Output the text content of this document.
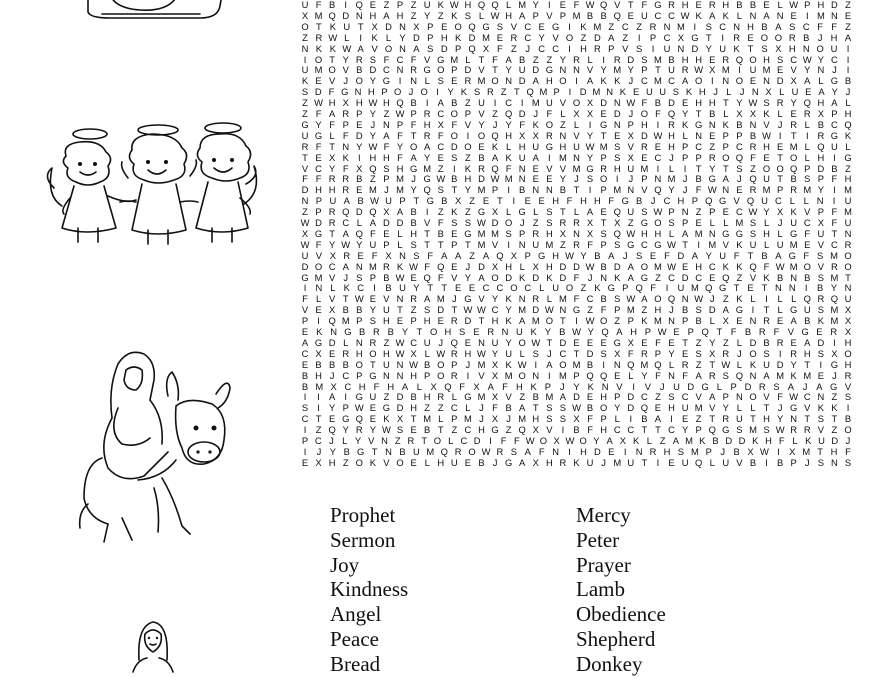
U F B I Q E Z P Z U K W H Q Q L M Y I E F W Q V T F G R H E R H B B E L W P H D Z
X M Q D N H A H Z Y Z K S L W H A P V P M B B Q E U C C W K A K L N A N E I M N E
O T K U T X D N X P E O Q G S V C E G I	K M Z C Z R N M I	S C N H B A S C F F Z
Z R W L	I	K L Y D P H K D M E R C Y V O Z D A Z	I	P C X G T	I R E O O R B J H A
N K K W A V O N A S D P Q X F Z J C C I H R P V S	I U N D Y U K T S X H N O U I
I O T Y R S F C F V G M L T F A B Z Z Y R L	I R D S M B H H E R Q O H S C W Y C I
U M O V B D C N R G O P D V T Y U D G N N V Y M Y P T U R W X M I U M E V Y N J	I
K E V J O Y G I N L S E R M O N D A H O I A K K J C M C A O I N O E N D X A L G B
S D F G N H P O J O I Y K S R Z T Q M P I D M N K E U U S K H J L J N X L U E A Y J
Z W H X H W H Q B I A B Z U I C I M U V O X D N W F B D E H H T Y W S R Y Q H A L
Z F A R P Y Z W P R C O P V Z Q D J F L X X E D J O F Q Y T B L X X K L E R X P H
G Y F P E J N P F H X F V Y J Y F K O Z L	I G N P H I R K G N K B N V J R L B C Q
U G L F D Y A F T R F O I O Q H X X R N V Y T E X D W H L N E P P B W I T	I R G K
R F T N Y W F Y O A C D O E K L H U G H U W M S V R E H P C Z P C R H E M L Q U L
T E X K I H H F A Y E S Z B A K U A I M N Y P S X E C J P P R O Q F E T O L H I G
V C Y F X Q S H G M Z I K R Q F N E V V M G R H U M I	L	I	T Y T S Z O O Q P D B Z
F F R R B Z P M J G W B H D W M N E E Y J S O I	J P N M J B G A J Q U T B S P F H
D H H R E M J M Y Q S T Y M P I B N N B T I P M N V Q Y J F W N E R M P R M Y I M
N P U A B W U P T G B X Z E T	I	E E H F H H F G B J C H P Q G V Q U C L L N I U
Z P R Q D Q X A B I	Z K Z G X L G L S T L A E Q U S W P N Z P E C W Y X K V P F M
W D R C L A D D B V F S S W D O J Z S R R X T X Z G O S P E L L M S L J U C X F U
X G T A Q F E L H T B E G M M S P R H X N X S Q W H H L A M N G G S H L G F U T N
W F Y W Y U P L S T T P T M V I N U M Z R F P S G C G W T	I M V K U L U M E V C R
U V X R E F X N S F A A Z A Q X P G H W Y B A J S E F D A Y U F T B A G F S M O
D O C A N M R K W F Q E J D X H L X H D D W B D A O M W E H C K K Q F W M O V R O
G M V J S P B W E Q F V Y A O D K D K D F J N K A G Z C D C E Q Z V K B N B S M T
I N L K C I	B U Y T T E E C C O C L U O Z K G P Q F	I U M Q G T E T N N I	B Y N
F L V T W E V N R A M J G V Y K N R L M F C B S W A O Q N W J Z K L	I	L L Q R Q U
V E X B B Y U T Z S D T W W C Y M D W N G Z F P M Z H J B S D A G I	T L G U S M X
P I Q M P S H E P H E R D T H K A M O T	I W O Z P K M N P B L X E N R E A B K M X
E K N G B R B Y T O H S E R N U K Y B W Y Q A H P W E P Q T F B R F V G E R X
A G D L N R Z W C U J Q E N U Y O W T D E E E G X E F E T Z Y Z L D B R E A D I H
C X E R H O H W X L W R H W Y U L S J C T D S X F R P Y E S X R J O S I R H S X O
E B B B O T U N W B O P J M X K W I A O M B I N Q M Q L R Z T W L K U D Y T	I G H
B H J C P G N N H P O R I V X M O N I M P Q Q E L Y F N F A R S Q N A M K M E J R
B M X C H F H A L X Q F X A F H K P J Y K N V	I	V J U D G L P D R S A J A G V
I	I A I G U Z D B H R L G M X V Z B M A D E H P D C Z S C V A P N O V F W C N Z S
S I Y P W E G D H Z Z C L J F B A T S S W B O Y D Q E H U M V Y L L T J G V K K I
C T E G Q E K X T M L P M J X J M H S S X F P L	I B A I E Z T R U T H Y N T S T B
I Z Q Y R Y W S E B T Z C H G Z Q X V I B F H C C T T C Y P Q G S M S W R R V Z O
P C J L Y V N Z R T O L C D I F F W O X W O Y A X K L Z A M K B D D K H F L K U D J
I	J Y B G T N B U M Q R O W R S A F N I H D E	I N R H S M P J B X W I	X M T H F
E X H Z O K V O E L H U E B J G A X H R K U J M U T I E U Q L U V B I B P J S N S
Prophet
Sermon
Joy
Kindness
Angel
Peace
Bread
Mercy
Peter
Prayer
Lamb
Obedience
Shepherd
Donkey
